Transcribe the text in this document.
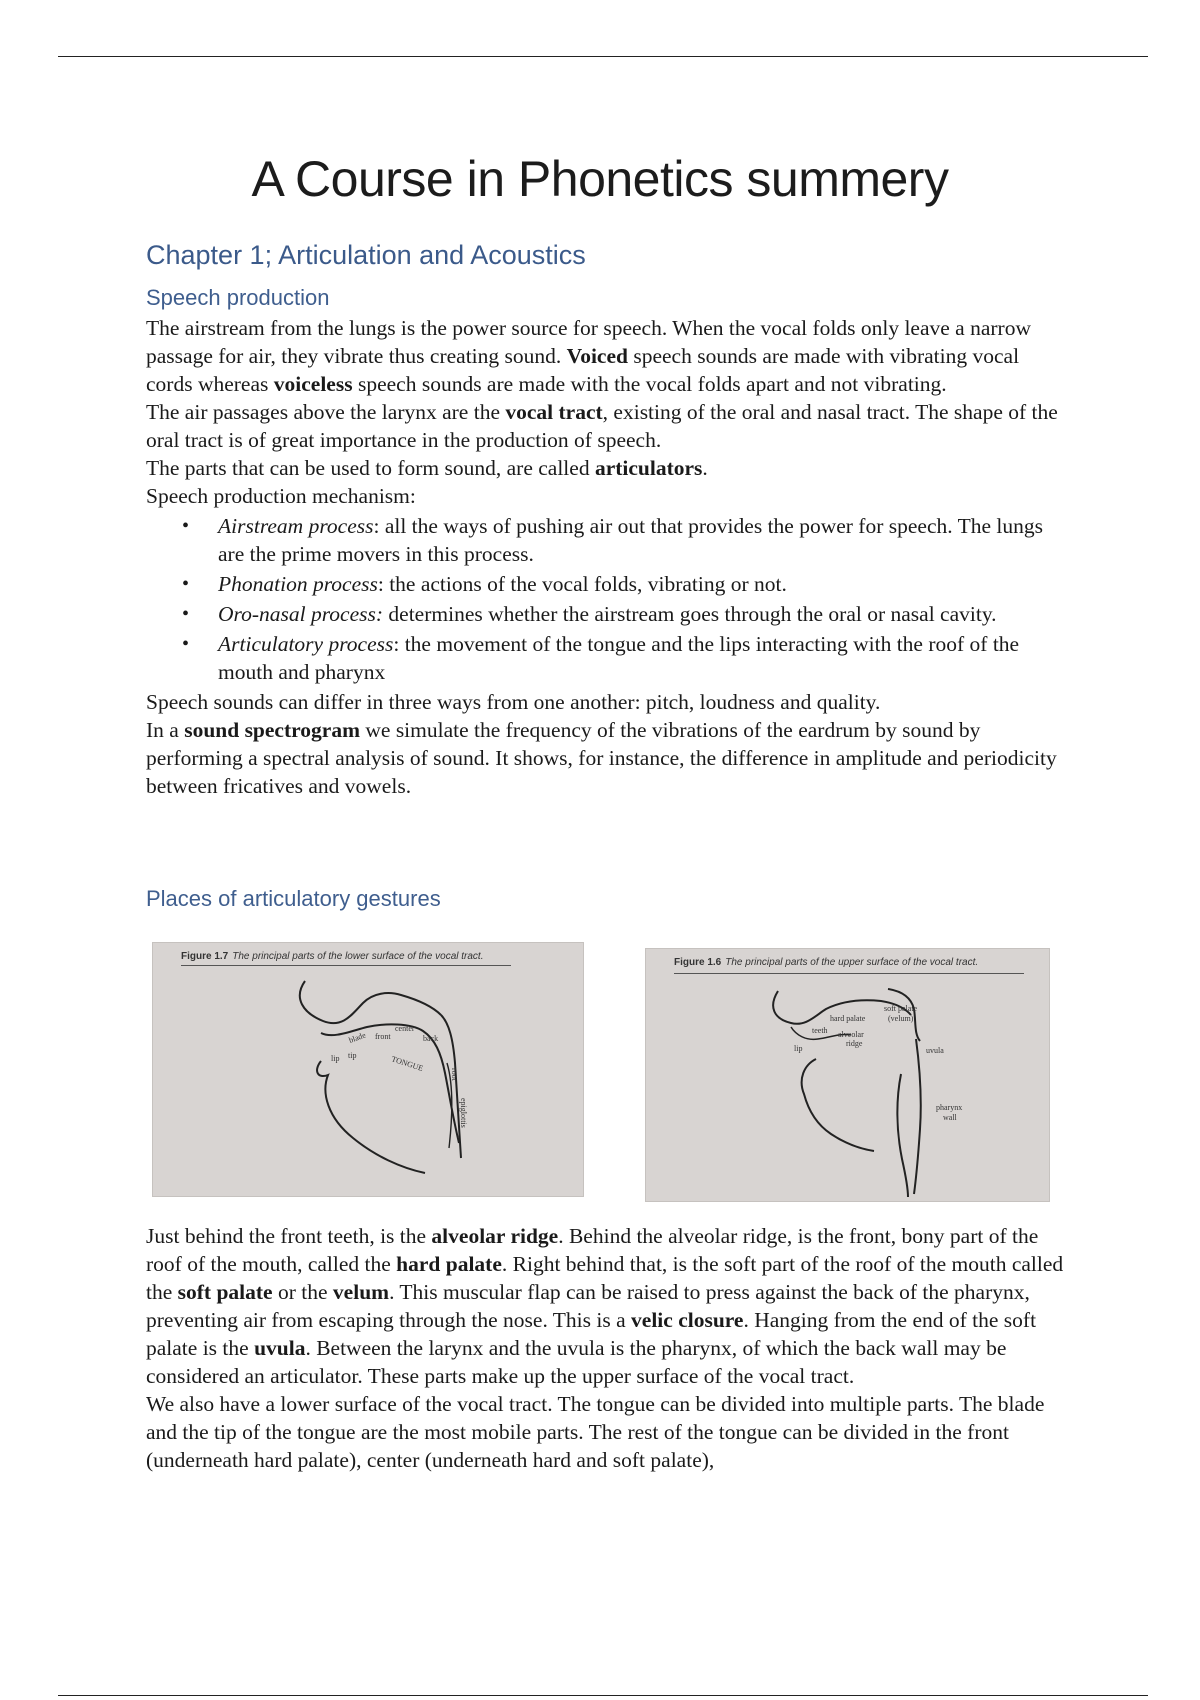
A Course in Phonetics summery
Chapter 1; Articulation and Acoustics
Speech production

The airstream from the lungs is the power source for speech. When the vocal folds only leave a narrow passage for air, they vibrate thus creating sound. Voiced speech sounds are made with vibrating vocal cords whereas voiceless speech sounds are made with the vocal folds apart and not vibrating.

The air passages above the larynx are the vocal tract, existing of the oral and nasal tract. The shape of the oral tract is of great importance in the production of speech.

The parts that can be used to form sound, are called articulators.

Speech production mechanism:

• Airstream process: all the ways of pushing air out that provides the power for speech. The lungs are the prime movers in this process.
• Phonation process: the actions of the vocal folds, vibrating or not.
• Oro-nasal process: determines whether the airstream goes through the oral or nasal cavity.
• Articulatory process: the movement of the tongue and the lips interacting with the roof of the mouth and pharynx

Speech sounds can differ in three ways from one another: pitch, loudness and quality.

In a sound spectrogram we simulate the frequency of the vibrations of the eardrum by sound by performing a spectral analysis of sound. It shows, for instance, the difference in amplitude and periodicity between fricatives and vowels.

Places of articulatory gestures
Figure 1.7 The principal parts of the lower surface of the vocal tract.
blade front
center
back
lip tip	TONGUE
root
epiglottis
Figure 1.6 The principal parts of the upper surface of the vocal tract.
hard palate
soft palate
(velum)
teeth alveolar
ridge
lip	uvula
pharynx
wall

Just behind the front teeth, is the alveolar ridge. Behind the alveolar ridge, is the front, bony part of the roof of the mouth, called the hard palate. Right behind that, is the soft part of the roof of the mouth called the soft palate or the velum. This muscular flap can be raised to press against the back of the pharynx, preventing air from escaping through the nose. This is a velic closure. Hanging from the end of the soft palate is the uvula. Between the larynx and the uvula is the pharynx, of which the back wall may be considered an articulator. These parts make up the upper surface of the vocal tract.

We also have a lower surface of the vocal tract. The tongue can be divided into multiple parts. The blade and the tip of the tongue are the most mobile parts. The rest of the tongue can be divided in the front (underneath hard palate), center (underneath hard and soft palate),
